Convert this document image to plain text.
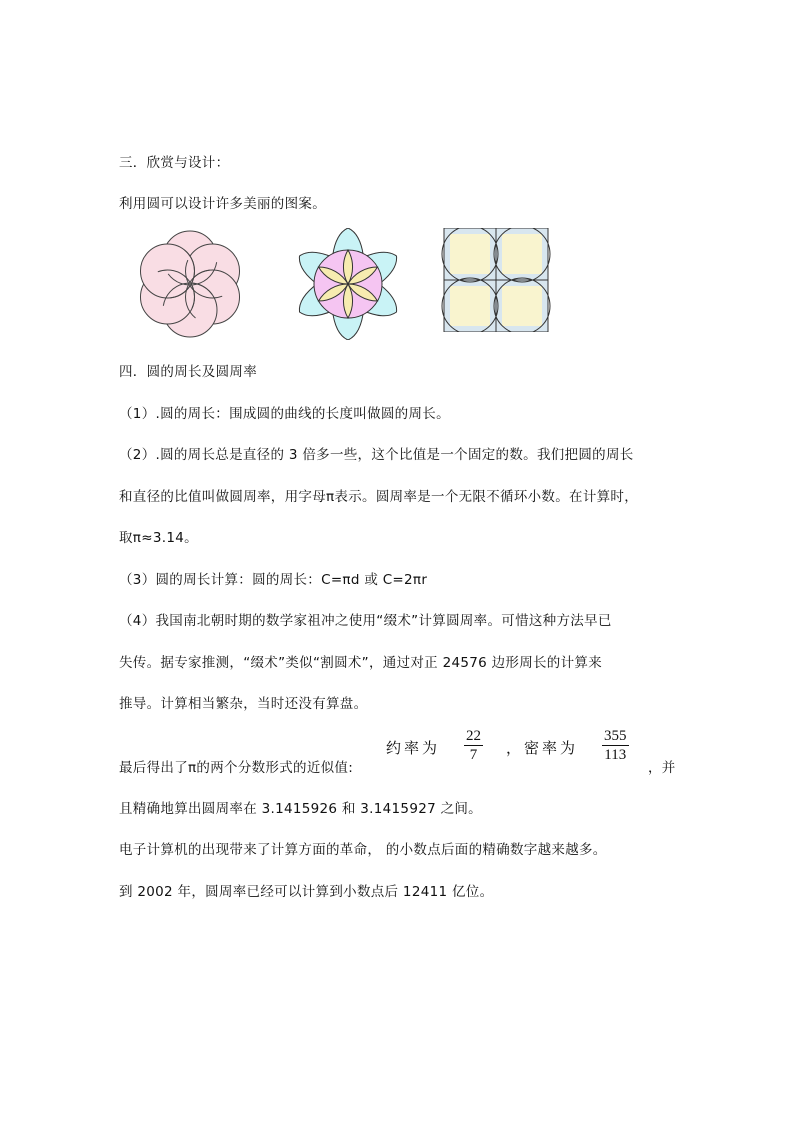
三．欣赏与设计：
利用圆可以设计许多美丽的图案。
四．圆的周长及圆周率
（1）.圆的周长：围成圆的曲线的长度叫做圆的周长。
（2）.圆的周长总是直径的 3 倍多一些，这个比值是一个固定的数。我们把圆的周长
和直径的比值叫做圆周率，用字母π表示。圆周率是一个无限不循环小数。在计算时，
取π≈3.14。
（3）圆的周长计算：圆的周长：C=πd 或 C=2πr
（4）我国南北朝时期的数学家祖冲之使用“缀术”计算圆周率。可惜这种方法早已
失传。据专家推测，“缀术”类似“割圆术”，通过对正 24576 边形周长的计算来
推导。计算相当繁杂，当时还没有算盘。
约率为 $\frac{22}{7}$ ，密率为 $\frac{355}{113}$
最后得出了π的两个分数形式的近似值:	，并
且精确地算出圆周率在 3.1415926 和 3.1415927 之间。
电子计算机的出现带来了计算方面的革命， 的小数点后面的精确数字越来越多。
到 2002 年，圆周率已经可以计算到小数点后 12411 亿位。
